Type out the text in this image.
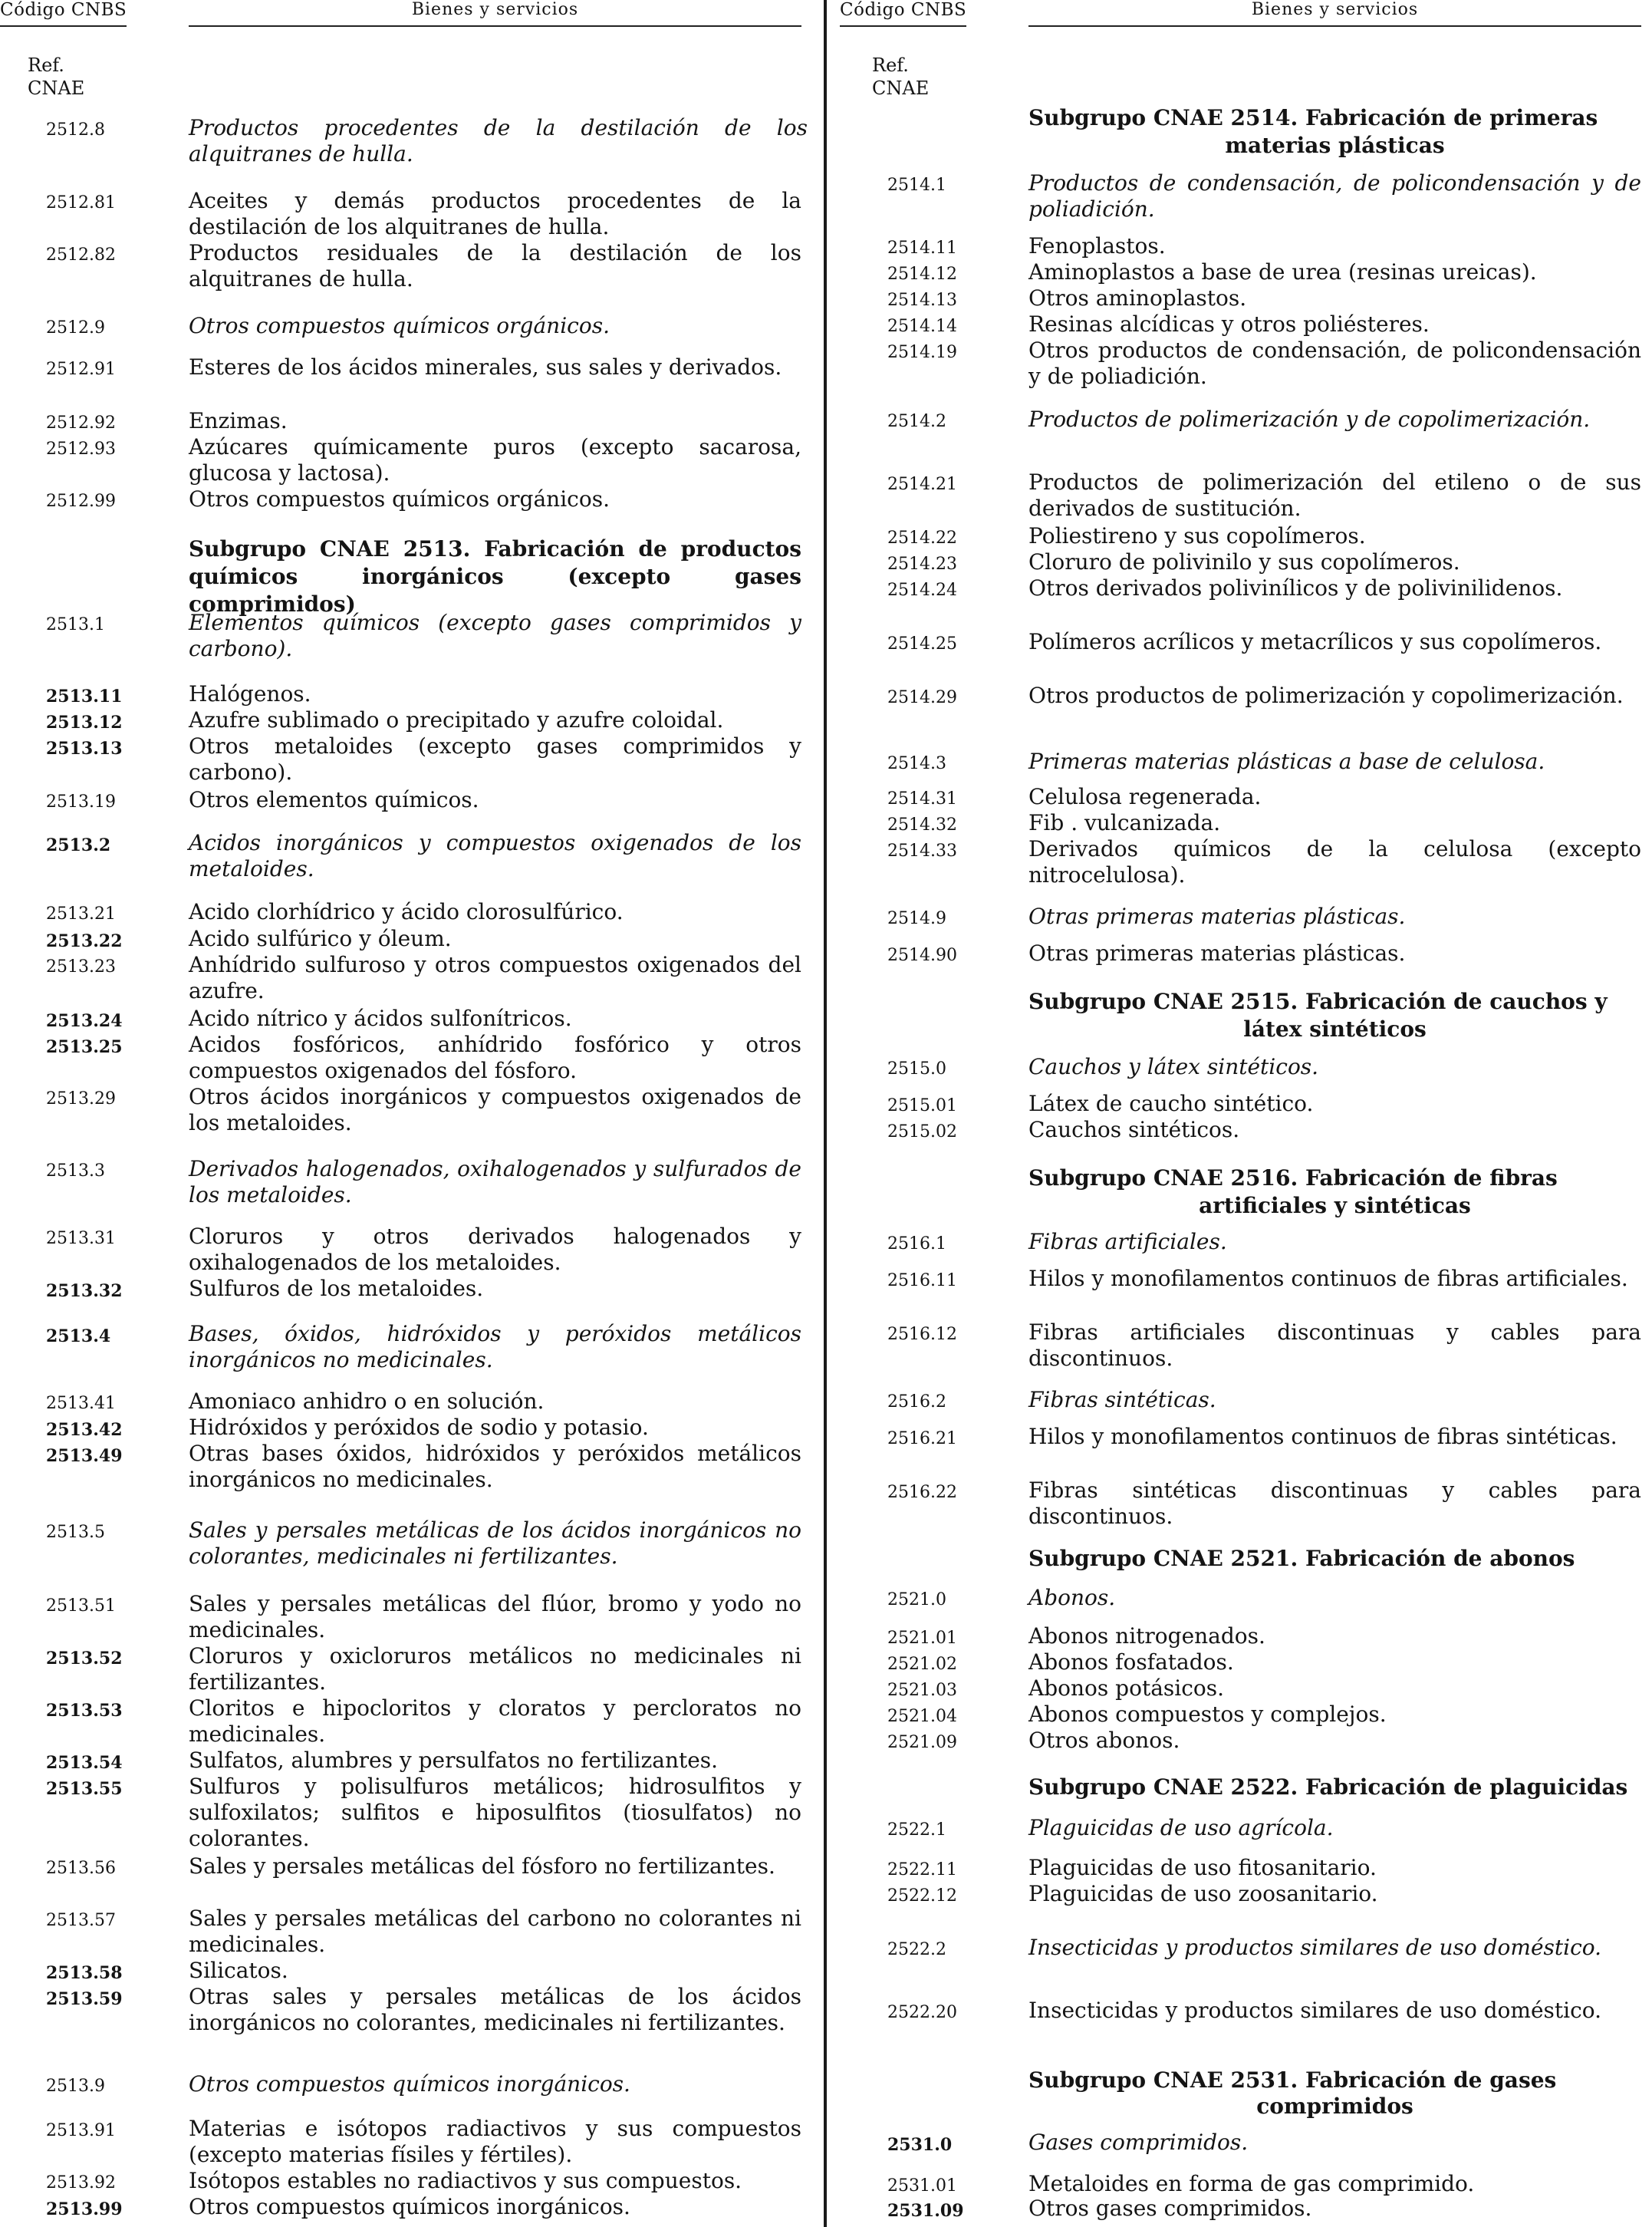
Código CNBS	Bienes y servicios
Ref.
CNAE
2512.8	Productos procedentes de la destilación de los alquitranes de hulla.
2512.81	Aceites y demás productos procedentes de la destilación de los alquitranes de hulla.
2512.82	Productos residuales de la destilación de los alquitranes de hulla.
2512.9	Otros compuestos químicos orgánicos.
2512.91	Esteres de los ácidos minerales, sus sales y derivados.
2512.92	Enzimas.
2512.93	Azúcares químicamente puros (excepto sacarosa, glucosa y lactosa).
2512.99	Otros compuestos químicos orgánicos.
Subgrupo CNAE 2513. Fabricación de productos químicos inorgánicos (excepto gases comprimidos)
2513.1	Elementos químicos (excepto gases comprimidos y carbono).
2513.11	Halógenos.
2513.12	Azufre sublimado o precipitado y azufre coloidal.
2513.13	Otros metaloides (excepto gases comprimidos y carbono).
2513.19	Otros elementos químicos.
2513.2	Acidos inorgánicos y compuestos oxigenados de los metaloides.
2513.21	Acido clorhídrico y ácido clorosulfúrico.
2513.22	Acido sulfúrico y óleum.
2513.23	Anhídrido sulfuroso y otros compuestos oxigenados del azufre.
2513.24	Acido nítrico y ácidos sulfonítricos.
2513.25	Acidos fosfóricos, anhídrido fosfórico y otros compuestos oxigenados del fósforo.
2513.29	Otros ácidos inorgánicos y compuestos oxigenados de los metaloides.
2513.3	Derivados halogenados, oxihalogenados y sulfurados de los metaloides.
2513.31	Cloruros y otros derivados halogenados y oxihalogenados de los metaloides.
2513.32	Sulfuros de los metaloides.
2513.4	Bases, óxidos, hidróxidos y peróxidos metálicos inorgánicos no medicinales.
2513.41	Amoniaco anhidro o en solución.
2513.42	Hidróxidos y peróxidos de sodio y potasio.
2513.49	Otras bases óxidos, hidróxidos y peróxidos metálicos inorgánicos no medicinales.
2513.5	Sales y persales metálicas de los ácidos inorgánicos no colorantes, medicinales ni fertilizantes.
2513.51	Sales y persales metálicas del flúor, bromo y yodo no medicinales.
2513.52	Cloruros y oxicloruros metálicos no medicinales ni fertilizantes.
2513.53	Cloritos e hipocloritos y cloratos y percloratos no medicinales.
2513.54	Sulfatos, alumbres y persulfatos no fertilizantes.
2513.55	Sulfuros y polisulfuros metálicos; hidrosulfitos y sulfoxilatos; sulfitos e hiposulfitos (tiosulfatos) no colorantes.
2513.56	Sales y persales metálicas del fósforo no fertilizantes.
2513.57	Sales y persales metálicas del carbono no colorantes ni medicinales.
2513.58	Silicatos.
2513.59	Otras sales y persales metálicas de los ácidos inorgánicos no colorantes, medicinales ni fertilizantes.
2513.9	Otros compuestos químicos inorgánicos.
2513.91	Materias e isótopos radiactivos y sus compuestos (excepto materias físiles y fértiles).
2513.92	Isótopos estables no radiactivos y sus compuestos.
2513.99	Otros compuestos químicos inorgánicos.
Código CNBS	Bienes y servicios
Ref.
CNAE
Subgrupo CNAE 2514. Fabricación de primeras
materias plásticas
2514.1	Productos de condensación, de policondensación y de poliadición.
2514.11	Fenoplastos.
2514.12	Aminoplastos a base de urea (resinas ureicas).
2514.13	Otros aminoplastos.
2514.14	Resinas alcídicas y otros poliésteres.
2514.19	Otros productos de condensación, de policondensación y de poliadición.
2514.2	Productos de polimerización y de copolimerización.
2514.21	Productos de polimerización del etileno o de sus derivados de sustitución.
2514.22	Poliestireno y sus copolímeros.
2514.23	Cloruro de polivinilo y sus copolímeros.
2514.24	Otros derivados polivinílicos y de polivinilidenos.
2514.25	Polímeros acrílicos y metacrílicos y sus copolímeros.
2514.29	Otros productos de polimerización y copolimerización.
2514.3	Primeras materias plásticas a base de celulosa.
2514.31	Celulosa regenerada.
2514.32	Fib . vulcanizada.
2514.33	Derivados químicos de la celulosa (excepto nitrocelulosa).
2514.9	Otras primeras materias plásticas.
2514.90	Otras primeras materias plásticas.
Subgrupo CNAE 2515. Fabricación de cauchos y
látex sintéticos
2515.0	Cauchos y látex sintéticos.
2515.01	Látex de caucho sintético.
2515.02	Cauchos sintéticos.
Subgrupo CNAE 2516. Fabricación de fibras
artificiales y sintéticas
2516.1	Fibras artificiales.
2516.11	Hilos y monofilamentos continuos de fibras artificiales.
2516.12	Fibras artificiales discontinuas y cables para discontinuos.
2516.2	Fibras sintéticas.
2516.21	Hilos y monofilamentos continuos de fibras sintéticas.
2516.22	Fibras sintéticas discontinuas y cables para discontinuos.
Subgrupo CNAE 2521. Fabricación de abonos
2521.0	Abonos.
2521.01	Abonos nitrogenados.
2521.02	Abonos fosfatados.
2521.03	Abonos potásicos.
2521.04	Abonos compuestos y complejos.
2521.09	Otros abonos.
Subgrupo CNAE 2522. Fabricación de plaguicidas
2522.1	Plaguicidas de uso agrícola.
2522.11	Plaguicidas de uso fitosanitario.
2522.12	Plaguicidas de uso zoosanitario.
2522.2	Insecticidas y productos similares de uso doméstico.
2522.20	Insecticidas y productos similares de uso doméstico.
Subgrupo CNAE 2531. Fabricación de gases
comprimidos
2531.0	Gases comprimidos.
2531.01	Metaloides en forma de gas comprimido.
2531.09	Otros gases comprimidos.
